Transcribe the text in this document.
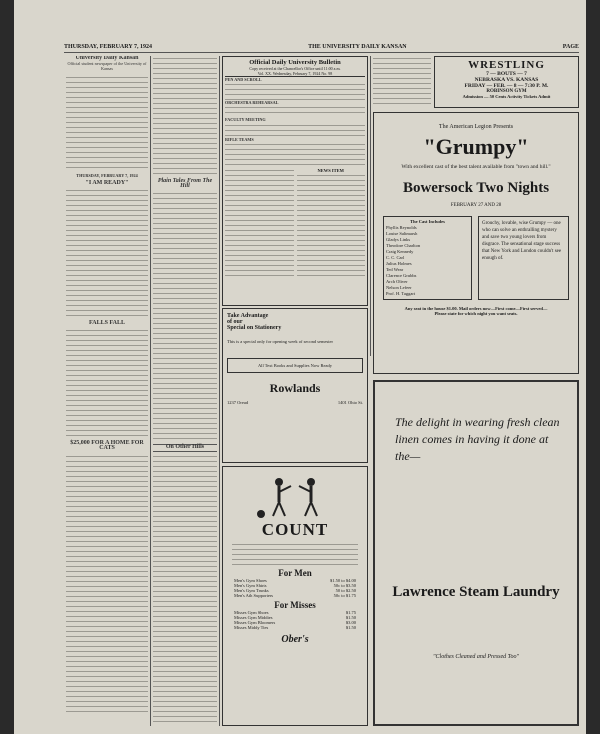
THURSDAY, FEBRUARY 7, 1924	THE UNIVERSITY DAILY KANSAN	PAGE
University Daily Kansan
Official student newspaper of the University of Kansas
THURSDAY, FEBRUARY 7, 1924
"I AM READY"
FALLS FALL
$25,000 FOR A HOME FOR CATS
Plain Tales From The Hill
On Other Hills
Official Daily University Bulletin
Copy received at the Chancellor's Office until 11:00 a.m.
Vol. XX. Wednesday, February 7, 1924 No. 98
PEN AND SCROLL
ORCHESTRA REHEARSAL
FACULTY MEETING
RIFLE TEAMS
NEWS ITEM
Take Advantage
of our
Special on Stationery
This is a special only for opening week of second semester
All Text Books and Supplies Now Ready
Rowlands
1237 Oread	1401 Ohio St.
COUNT
For Men
Men's Gym Shoes	$1.50 to $4.00
Men's Gym Shirts	50c to $3.50
Men's Gym Trunks	50 to $2.50
Men's Ath Supporters	50c to $1.75
For Misses
Misses Gym Shoes	$1.75
Misses Gym Middies	$1.50
Misses Gym Bloomers	$3.00
Misses Middy Ties	$1.50
Ober's
WRESTLING
7 — BOUTS — 7
NEBRASKA VS. KANSAS
FRIDAY — FEB. — 8 — 7:30 P. M.
ROBINSON GYM
Admission — 50 Cents Activity Tickets Admit
The American Legion Presents
"Grumpy"
With excellent cast of the best talent available from "town and hill."
Bowersock Two Nights
FEBRUARY 27 AND 28
The Cast Includes
Phyllis Reynolds
Louise Saltmarsh
Gladys Links
Theodore Charlton
Craig Kennedy
C. C. Carl
Julius Holmes
Ted Wear
Clarence Grubbs
Arch Oliver
Nelson Lefeer
Prof. H. Taggart
Grouchy, lovable, wise Grumpy — one who can solve an enthralling mystery and save two young lovers from disgrace. The sensational stage success that New York and London couldn't see enough of.
Any seat in the house $1.00. Mail orders now—First come—First served—
Please state for which night you want seats.
The delight in wearing fresh clean linen comes in having it done at the—
Lawrence Steam Laundry
"Clothes Cleaned and Pressed Too"
